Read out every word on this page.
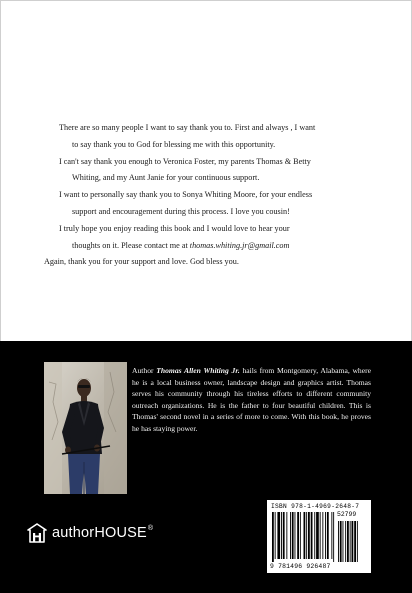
There are so many people I want to say thank you to. First and always , I want

to say thank you to God for blessing me with this opportunity.

I can't say thank you enough to Veronica Foster, my parents Thomas & Betty

Whiting, and my Aunt Janie for your continuous support.

I want to personally say thank you to Sonya Whiting Moore, for your endless

support and encouragement during this process. I love you cousin!

I truly hope you enjoy reading this book and I would love to hear your

thoughts on it. Please contact me at thomas.whiting.jr@gmail.com

Again, thank you for your support and love. God bless you.

Author Thomas Allen Whiting Jr. hails from Montgomery, Alabama, where he is a local business owner, landscape design and graphics artist. Thomas serves his community through his tireless efforts to different community outreach organizations. He is the father to four beautiful children. This is Thomas' second novel in a series of more to come. With this book, he proves he has staying power.
authorHOUSE ®
ISBN 978-1-4969-2648-7
9 781496 926487
52799
